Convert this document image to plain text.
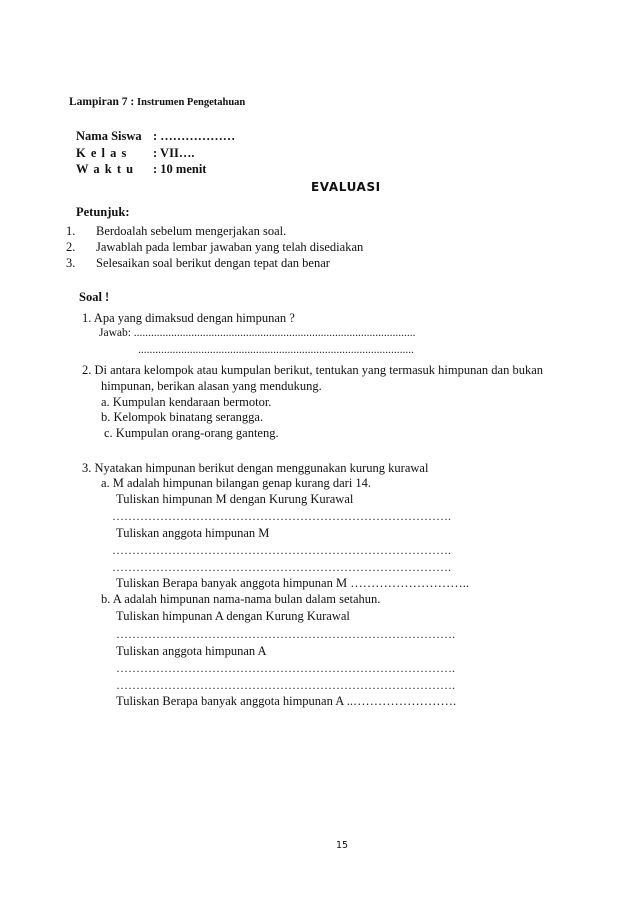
Lampiran 7 : Instrumen Pengetahuan
Nama Siswa : ………………
K e l a s : VII….
W a k t u : 10 menit
EVALUASI
Petunjuk:
1. Berdoalah sebelum mengerjakan soal.
2. Jawablah pada lembar jawaban yang telah disediakan
3. Selesaikan soal berikut dengan tepat dan benar
Soal !
1. Apa yang dimaksud dengan himpunan ?
Jawab: ..................................................................................................
................................................................................................
2. Di antara kelompok atau kumpulan berikut, tentukan yang termasuk himpunan dan bukan
himpunan, berikan alasan yang mendukung.
a. Kumpulan kendaraan bermotor.
b. Kelompok binatang serangga.
c. Kumpulan orang-orang ganteng.
3. Nyatakan himpunan berikut dengan menggunakan kurung kurawal
a. M adalah himpunan bilangan genap kurang dari 14.
Tuliskan himpunan M dengan Kurung Kurawal
………………………………………………………………………….
Tuliskan anggota himpunan M
………………………………………………………………………….
………………………………………………………………………….
Tuliskan Berapa banyak anggota himpunan M ………………………..
b. A adalah himpunan nama-nama bulan dalam setahun.
Tuliskan himpunan A dengan Kurung Kurawal
………………………………………………………………………….
Tuliskan anggota himpunan A
………………………………………………………………………….
………………………………………………………………………….
Tuliskan Berapa banyak anggota himpunan A ..…………………….
15
